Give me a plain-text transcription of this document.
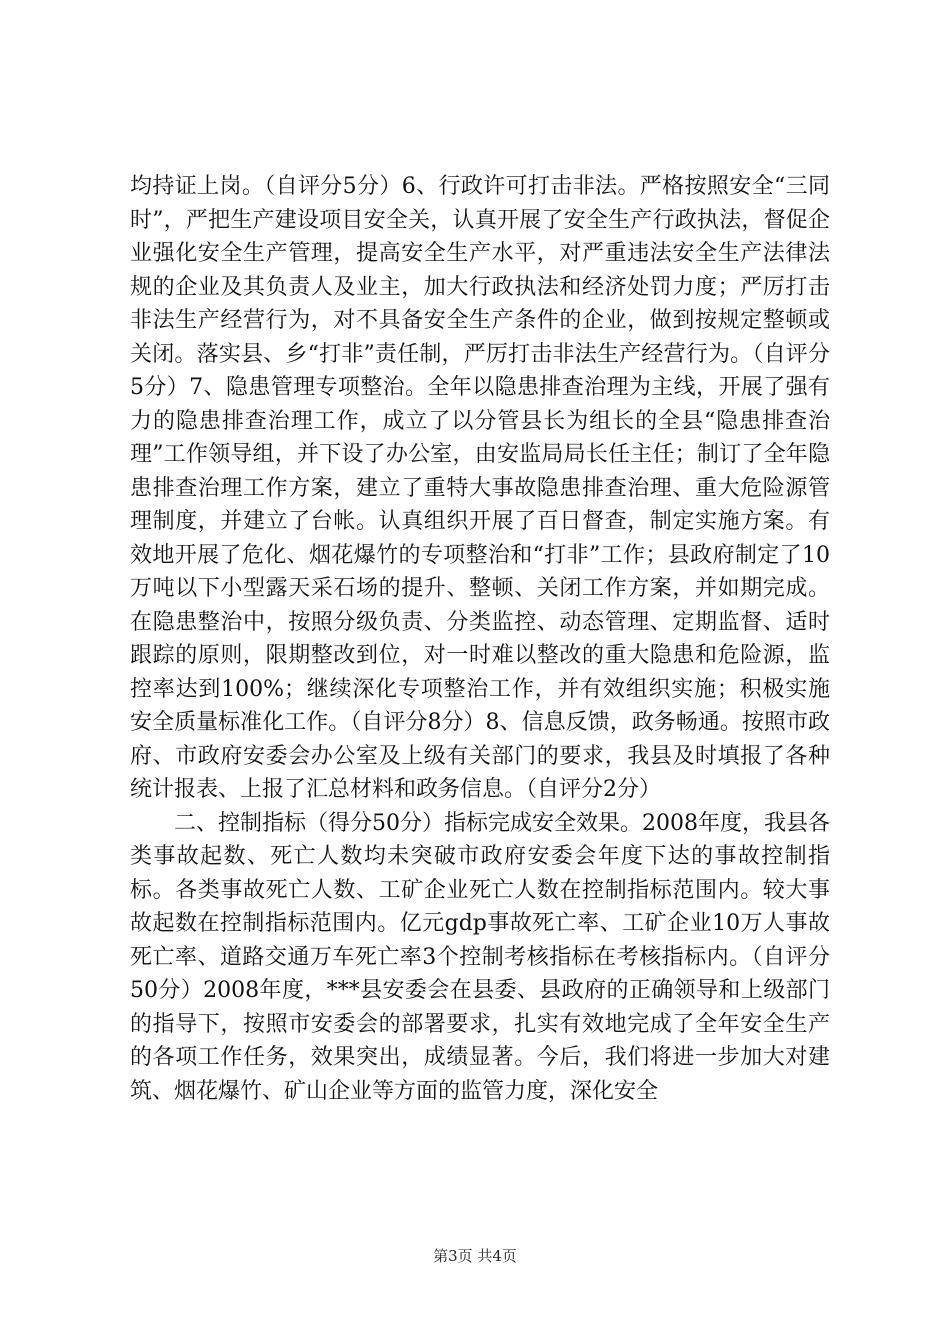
均持证上岗。（自评分5分）6、行政许可打击非法。严格按照安全“三同时”，严把生产建设项目安全关，认真开展了安全生产行政执法，督促企业强化安全生产管理，提高安全生产水平，对严重违法安全生产法律法规的企业及其负责人及业主，加大行政执法和经济处罚力度；严厉打击非法生产经营行为，对不具备安全生产条件的企业，做到按规定整顿或关闭。落实县、乡“打非”责任制，严厉打击非法生产经营行为。（自评分5分）7、隐患管理专项整治。全年以隐患排查治理为主线，开展了强有力的隐患排查治理工作，成立了以分管县长为组长的全县“隐患排查治理”工作领导组，并下设了办公室，由安监局局长任主任；制订了全年隐患排查治理工作方案，建立了重特大事故隐患排查治理、重大危险源管理制度，并建立了台帐。认真组织开展了百日督查，制定实施方案。有效地开展了危化、烟花爆竹的专项整治和“打非”工作；县政府制定了10万吨以下小型露天采石场的提升、整顿、关闭工作方案，并如期完成。在隐患整治中，按照分级负责、分类监控、动态管理、定期监督、适时跟踪的原则，限期整改到位，对一时难以整改的重大隐患和危险源，监控率达到100%；继续深化专项整治工作，并有效组织实施；积极实施安全质量标准化工作。（自评分8分）8、信息反馈，政务畅通。按照市政府、市政府安委会办公室及上级有关部门的要求，我县及时填报了各种统计报表、上报了汇总材料和政务信息。（自评分2分）

二、控制指标（得分50分）指标完成安全效果。2008年度，我县各类事故起数、死亡人数均未突破市政府安委会年度下达的事故控制指标。各类事故死亡人数、工矿企业死亡人数在控制指标范围内。较大事故起数在控制指标范围内。亿元gdp事故死亡率、工矿企业10万人事故死亡率、道路交通万车死亡率3个控制考核指标在考核指标内。（自评分50分）2008年度，***县安委会在县委、县政府的正确领导和上级部门的指导下，按照市安委会的部署要求，扎实有效地完成了全年安全生产的各项工作任务，效果突出，成绩显著。今后，我们将进一步加大对建筑、烟花爆竹、矿山企业等方面的监管力度，深化安全

第3页 共4页
